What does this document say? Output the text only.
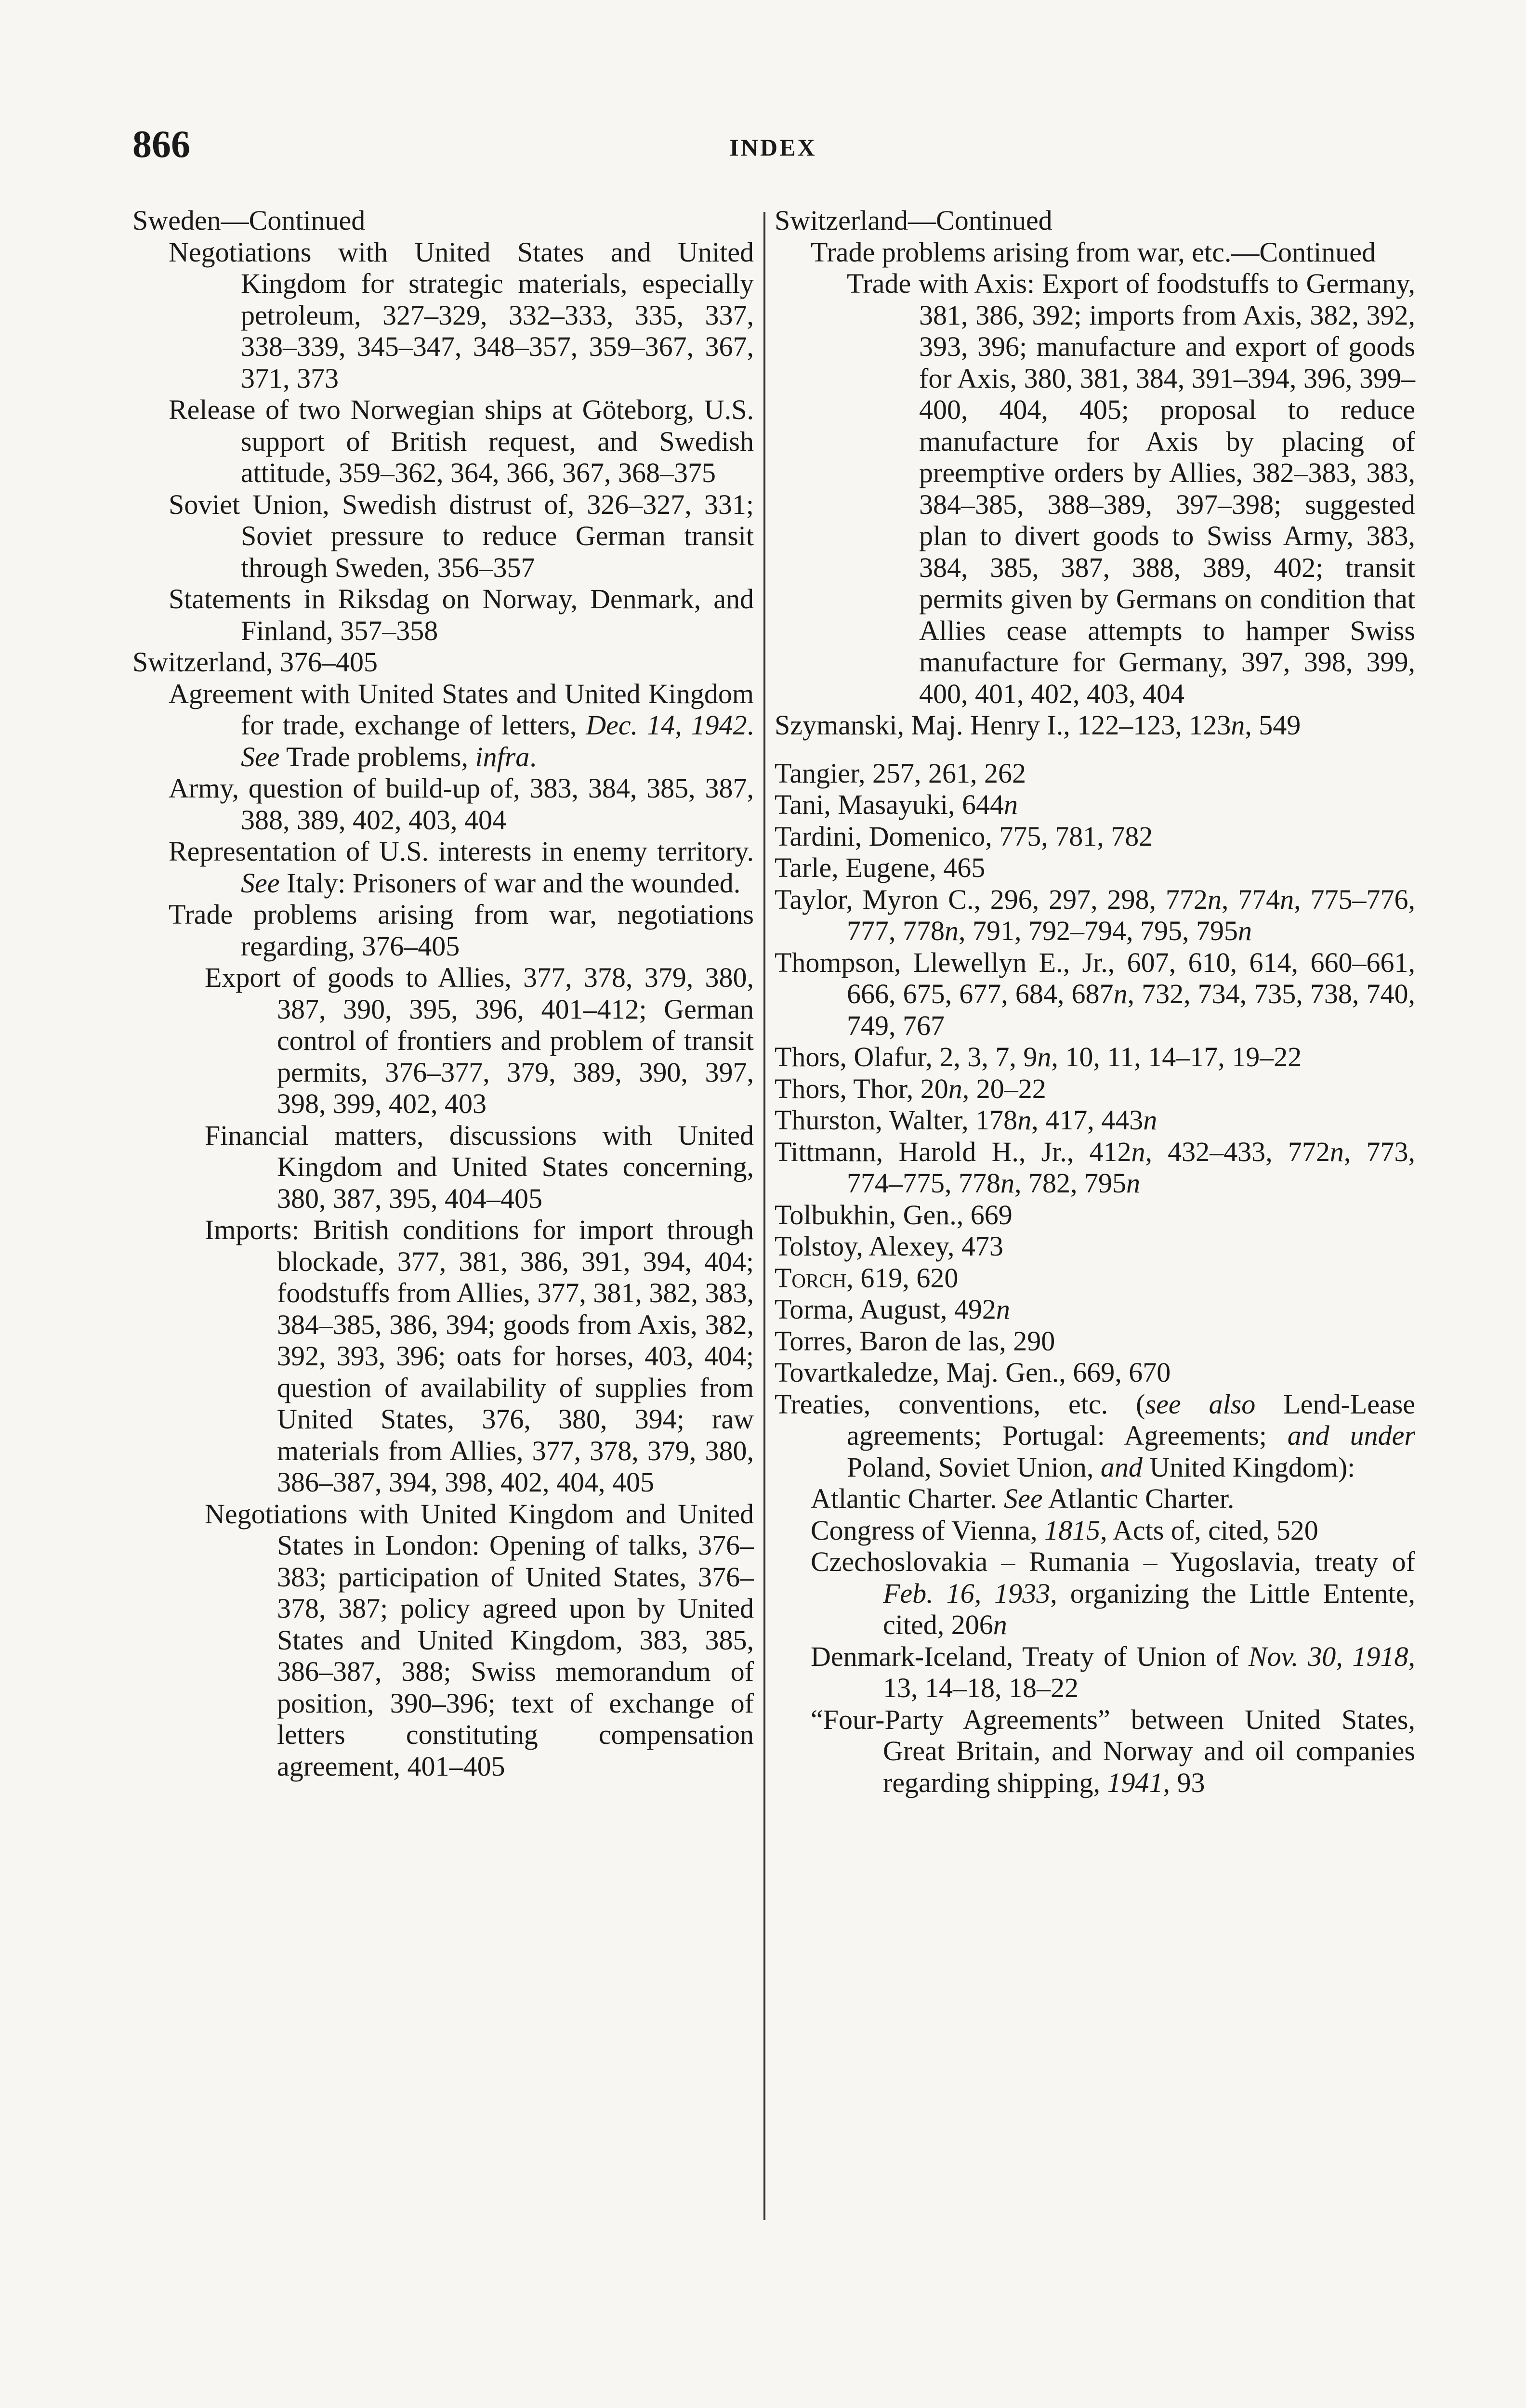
866	INDEX

Sweden—Continued

Negotiations with United States and United Kingdom for strategic materials, especially petroleum, 327–329, 332–333, 335, 337, 338–339, 345–347, 348–357, 359–367, 367, 371, 373

Release of two Norwegian ships at Göteborg, U.S. support of British request, and Swedish attitude, 359–362, 364, 366, 367, 368–375

Soviet Union, Swedish distrust of, 326–327, 331; Soviet pressure to reduce German transit through Sweden, 356–357

Statements in Riksdag on Norway, Denmark, and Finland, 357–358

Switzerland, 376–405

Agreement with United States and United Kingdom for trade, exchange of letters, Dec. 14, 1942. See Trade problems, infra.

Army, question of build-up of, 383, 384, 385, 387, 388, 389, 402, 403, 404

Representation of U.S. interests in enemy territory. See Italy: Prisoners of war and the wounded.

Trade problems arising from war, negotiations regarding, 376–405

Export of goods to Allies, 377, 378, 379, 380, 387, 390, 395, 396, 401–412; German control of frontiers and problem of transit permits, 376–377, 379, 389, 390, 397, 398, 399, 402, 403

Financial matters, discussions with United Kingdom and United States concerning, 380, 387, 395, 404–405

Imports: British conditions for import through blockade, 377, 381, 386, 391, 394, 404; foodstuffs from Allies, 377, 381, 382, 383, 384–385, 386, 394; goods from Axis, 382, 392, 393, 396; oats for horses, 403, 404; question of availability of supplies from United States, 376, 380, 394; raw materials from Allies, 377, 378, 379, 380, 386–387, 394, 398, 402, 404, 405

Negotiations with United Kingdom and United States in London: Opening of talks, 376–383; participation of United States, 376–378, 387; policy agreed upon by United States and United Kingdom, 383, 385, 386–387, 388; Swiss memorandum of position, 390–396; text of exchange of letters constituting compensation agreement, 401–405

Switzerland—Continued

Trade problems arising from war, etc.—Continued

Trade with Axis: Export of foodstuffs to Germany, 381, 386, 392; imports from Axis, 382, 392, 393, 396; manufacture and export of goods for Axis, 380, 381, 384, 391–394, 396, 399–400, 404, 405; proposal to reduce manufacture for Axis by placing of preemptive orders by Allies, 382–383, 383, 384–385, 388–389, 397–398; suggested plan to divert goods to Swiss Army, 383, 384, 385, 387, 388, 389, 402; transit permits given by Germans on condition that Allies cease attempts to hamper Swiss manufacture for Germany, 397, 398, 399, 400, 401, 402, 403, 404

Szymanski, Maj. Henry I., 122–123, 123n, 549

Tangier, 257, 261, 262

Tani, Masayuki, 644n

Tardini, Domenico, 775, 781, 782

Tarle, Eugene, 465

Taylor, Myron C., 296, 297, 298, 772n, 774n, 775–776, 777, 778n, 791, 792–794, 795, 795n

Thompson, Llewellyn E., Jr., 607, 610, 614, 660–661, 666, 675, 677, 684, 687n, 732, 734, 735, 738, 740, 749, 767

Thors, Olafur, 2, 3, 7, 9n, 10, 11, 14–17, 19–22

Thors, Thor, 20n, 20–22

Thurston, Walter, 178n, 417, 443n

Tittmann, Harold H., Jr., 412n, 432–433, 772n, 773, 774–775, 778n, 782, 795n

Tolbukhin, Gen., 669

Tolstoy, Alexey, 473

Torch, 619, 620

Torma, August, 492n

Torres, Baron de las, 290

Tovartkaledze, Maj. Gen., 669, 670

Treaties, conventions, etc. (see also Lend-Lease agreements; Portugal: Agreements; and under Poland, Soviet Union, and United Kingdom):

Atlantic Charter. See Atlantic Charter.

Congress of Vienna, 1815, Acts of, cited, 520

Czechoslovakia – Rumania – Yugoslavia, treaty of Feb. 16, 1933, organizing the Little Entente, cited, 206n

Denmark-Iceland, Treaty of Union of Nov. 30, 1918, 13, 14–18, 18–22

“Four-Party Agreements” between United States, Great Britain, and Norway and oil companies regarding shipping, 1941, 93
